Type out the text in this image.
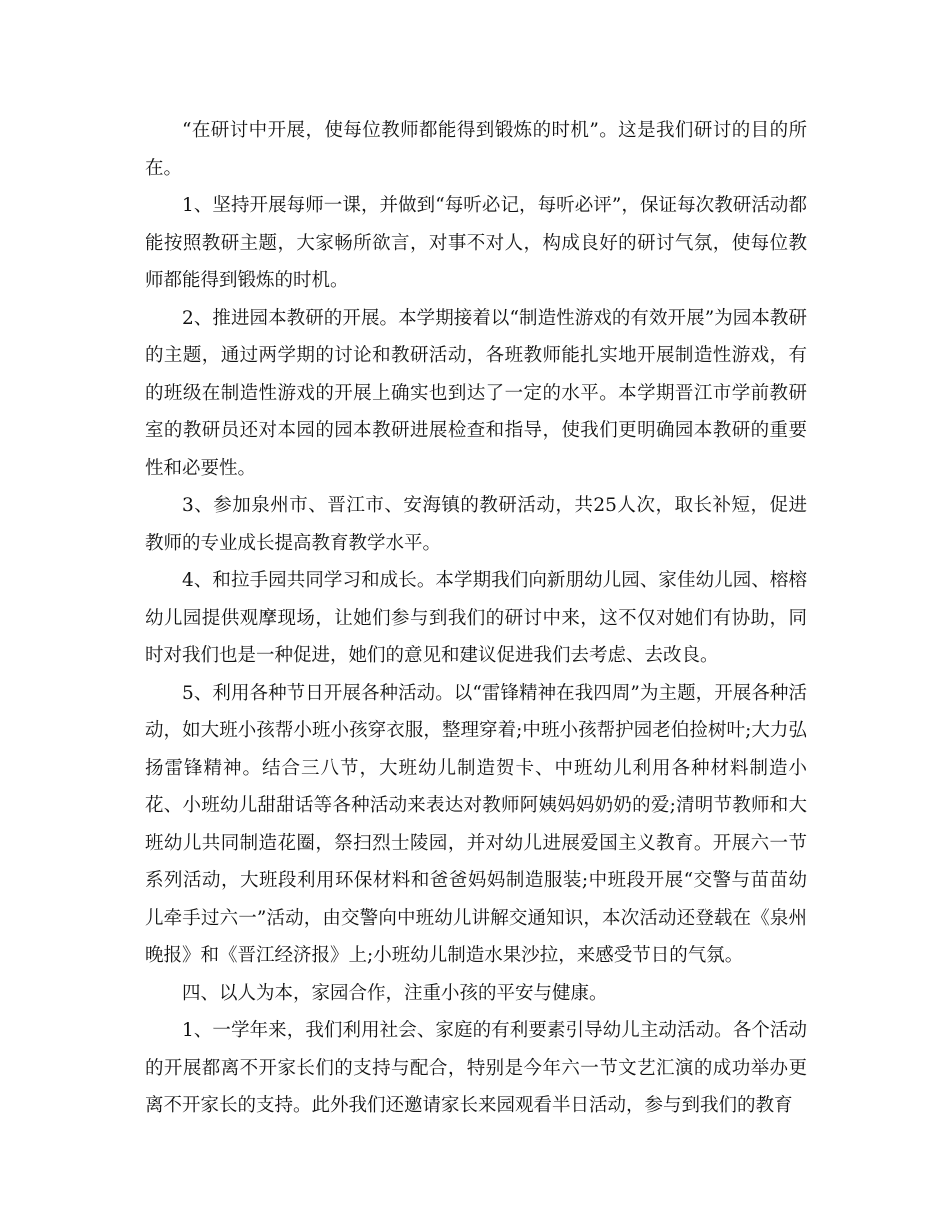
“在研讨中开展，使每位教师都能得到锻炼的时机”。这是我们研讨的目的所在。

1、坚持开展每师一课，并做到“每听必记，每听必评”，保证每次教研活动都能按照教研主题，大家畅所欲言，对事不对人，构成良好的研讨气氛，使每位教师都能得到锻炼的时机。

2、推进园本教研的开展。本学期接着以“制造性游戏的有效开展”为园本教研的主题，通过两学期的讨论和教研活动，各班教师能扎实地开展制造性游戏，有的班级在制造性游戏的开展上确实也到达了一定的水平。本学期晋江市学前教研室的教研员还对本园的园本教研进展检查和指导，使我们更明确园本教研的重要性和必要性。

3、参加泉州市、晋江市、安海镇的教研活动，共25人次，取长补短，促进教师的专业成长提高教育教学水平。

4、和拉手园共同学习和成长。本学期我们向新朋幼儿园、家佳幼儿园、榕榕幼儿园提供观摩现场，让她们参与到我们的研讨中来，这不仅对她们有协助，同时对我们也是一种促进，她们的意见和建议促进我们去考虑、去改良。

5、利用各种节日开展各种活动。以“雷锋精神在我四周”为主题，开展各种活动，如大班小孩帮小班小孩穿衣服，整理穿着;中班小孩帮护园老伯捡树叶;大力弘扬雷锋精神。结合三八节，大班幼儿制造贺卡、中班幼儿利用各种材料制造小花、小班幼儿甜甜话等各种活动来表达对教师阿姨妈妈奶奶的爱;清明节教师和大班幼儿共同制造花圈，祭扫烈士陵园，并对幼儿进展爱国主义教育。开展六一节系列活动，大班段利用环保材料和爸爸妈妈制造服装;中班段开展“交警与苗苗幼儿牵手过六一”活动，由交警向中班幼儿讲解交通知识，本次活动还登载在《泉州晚报》和《晋江经济报》上;小班幼儿制造水果沙拉，来感受节日的气氛。

四、以人为本，家园合作，注重小孩的平安与健康。

1、一学年来，我们利用社会、家庭的有利要素引导幼儿主动活动。各个活动的开展都离不开家长们的支持与配合，特别是今年六一节文艺汇演的成功举办更离不开家长的支持。此外我们还邀请家长来园观看半日活动，参与到我们的教育
